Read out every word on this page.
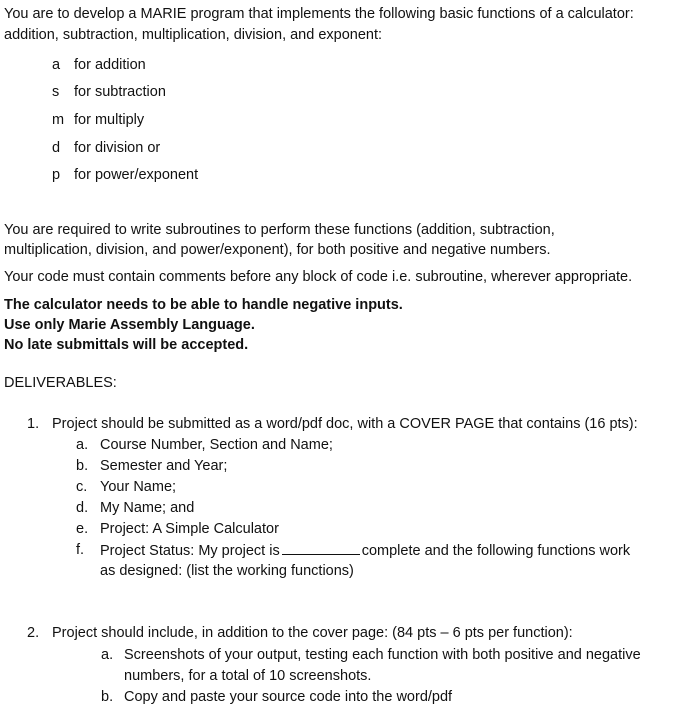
You are to develop a MARIE program that implements the following basic functions of a calculator:
addition, subtraction, multiplication, division, and exponent:
a for addition
s for subtraction
m for multiply
d for division or
p for power/exponent
You are required to write subroutines to perform these functions (addition, subtraction,
multiplication, division, and power/exponent), for both positive and negative numbers.
Your code must contain comments before any block of code i.e. subroutine, wherever appropriate.
The calculator needs to be able to handle negative inputs.
Use only Marie Assembly Language.
No late submittals will be accepted.
DELIVERABLES:
1. Project should be submitted as a word/pdf doc, with a COVER PAGE that contains (16 pts):
a. Course Number, Section and Name;
b. Semester and Year;
c. Your Name;
d. My Name; and
e. Project: A Simple Calculator
f. Project Status: My project is	complete and the following functions work
as designed: (list the working functions)
2. Project should include, in addition to the cover page: (84 pts – 6 pts per function):
a. Screenshots of your output, testing each function with both positive and negative
numbers, for a total of 10 screenshots.
b. Copy and paste your source code into the word/pdf
